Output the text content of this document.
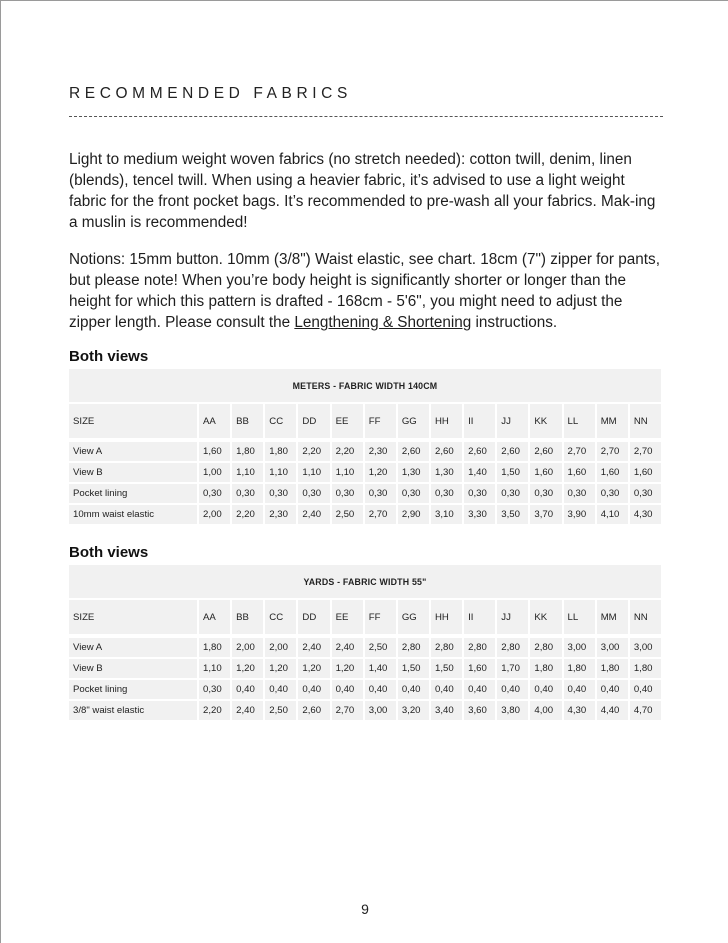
RECOMMENDED FABRICS

Light to medium weight woven fabrics (no stretch needed): cotton twill, denim, linen (blends), tencel twill. When using a heavier fabric, it’s advised to use a light weight fabric for the front pocket bags. It’s recommended to pre-wash all your fabrics. Mak-ing a muslin is recommended!

Notions: 15mm button. 10mm (3/8") Waist elastic, see chart. 18cm (7") zipper for pants, but please note! When you’re body height is significantly shorter or longer than the height for which this pattern is drafted - 168cm - 5'6", you might need to adjust the zipper length. Please consult the Lengthening & Shortening instructions.

Both views
METERS - FABRIC WIDTH 140CM														

SIZE	AA	BB	CC	DD	EE	FF	GG	HH	II	JJ	KK	LL	MM	NN

View A	1,60	1,80	1,80	2,20	2,20	2,30	2,60	2,60	2,60	2,60	2,60	2,70	2,70	2,70
View B	1,00	1,10	1,10	1,10	1,10	1,20	1,30	1,30	1,40	1,50	1,60	1,60	1,60	1,60
Pocket lining	0,30	0,30	0,30	0,30	0,30	0,30	0,30	0,30	0,30	0,30	0,30	0,30	0,30	0,30
10mm waist elastic	2,00	2,20	2,30	2,40	2,50	2,70	2,90	3,10	3,30	3,50	3,70	3,90	4,10	4,30
Both views
YARDS - FABRIC WIDTH 55"														

SIZE	AA	BB	CC	DD	EE	FF	GG	HH	II	JJ	KK	LL	MM	NN

View A	1,80	2,00	2,00	2,40	2,40	2,50	2,80	2,80	2,80	2,80	2,80	3,00	3,00	3,00
View B	1,10	1,20	1,20	1,20	1,20	1,40	1,50	1,50	1,60	1,70	1,80	1,80	1,80	1,80
Pocket lining	0,30	0,40	0,40	0,40	0,40	0,40	0,40	0,40	0,40	0,40	0,40	0,40	0,40	0,40
3/8" waist elastic	2,20	2,40	2,50	2,60	2,70	3,00	3,20	3,40	3,60	3,80	4,00	4,30	4,40	4,70
9
